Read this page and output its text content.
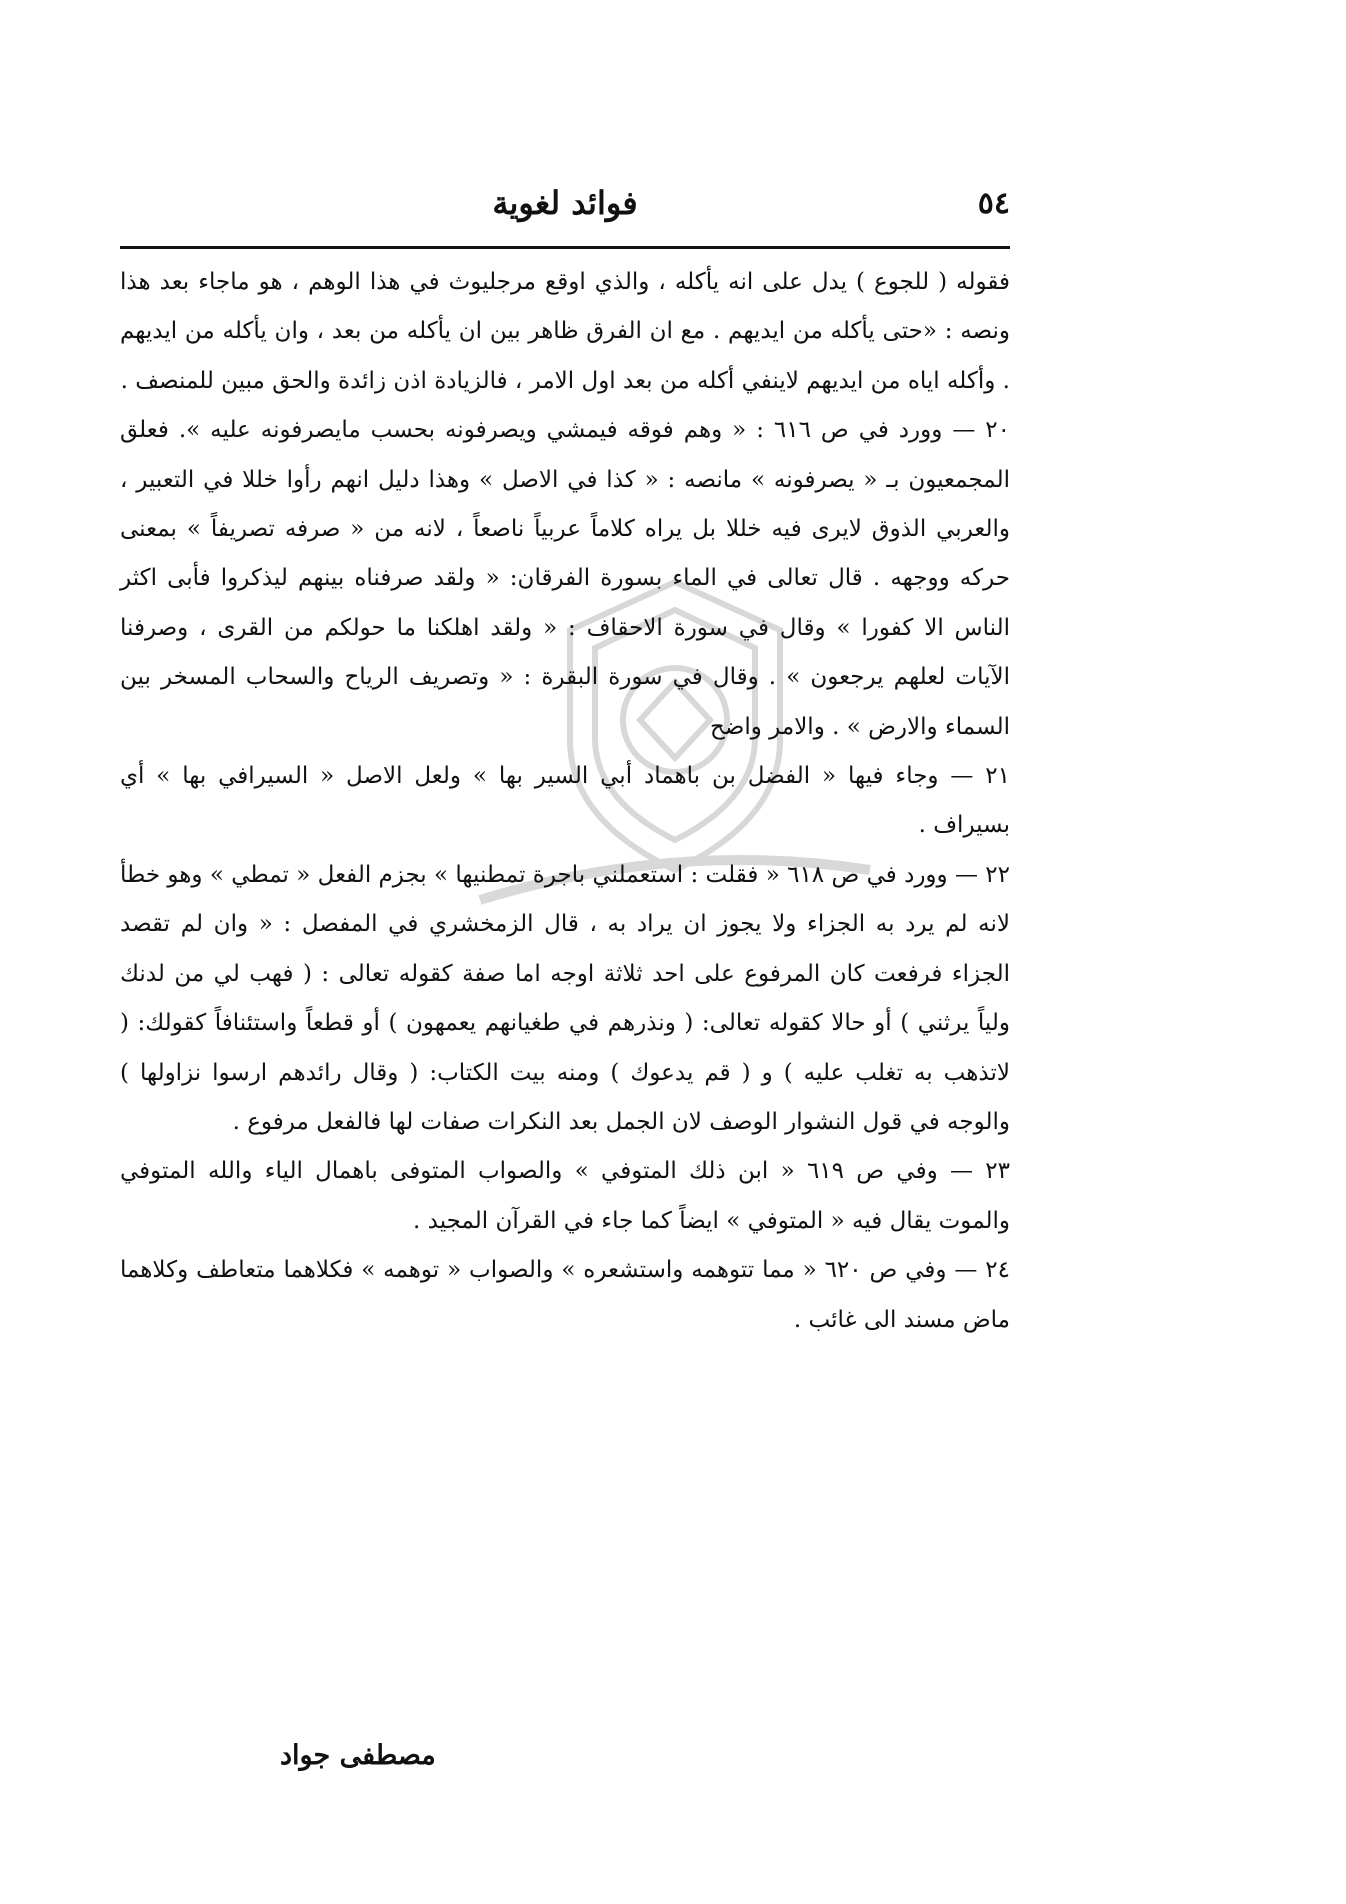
٥٤
فوائد لغوية

فقوله ( للجوع ) يدل على انه يأكله ، والذي اوقع مرجليوث في هذا الوهم ، هو ماجاء بعد هذا ونصه : «حتى يأكله من ايديهم . مع ان الفرق ظاهر بين ان يأكله من بعد ، وان يأكله من ايديهم . وأكله اياه من ايديهم لاينفي أكله من بعد اول الامر ، فالزيادة اذن زائدة والحق مبين للمنصف .

٢٠ — وورد في ص ٦١٦ : « وهم فوقه فيمشي ويصرفونه بحسب مايصرفونه عليه ». فعلق المجمعيون بـ « يصرفونه » مانصه : « كذا في الاصل » وهذا دليل انهم رأوا خللا في التعبير ، والعربي الذوق لايرى فيه خللا بل يراه كلاماً عربياً ناصعاً ، لانه من « صرفه تصريفاً » بمعنى حركه ووجهه . قال تعالى في الماء بسورة الفرقان: « ولقد صرفناه بينهم ليذكروا فأبى اكثر الناس الا كفورا » وقال في سورة الاحقاف : « ولقد اهلكنا ما حولكم من القرى ، وصرفنا الآيات لعلهم يرجعون » . وقال في سورة البقرة : « وتصريف الرياح والسحاب المسخر بين السماء والارض » . والامر واضح

٢١ — وجاء فيها « الفضل بن باهماد أبي السير بها » ولعل الاصل « السيرافي بها » أي بسيراف .

٢٢ — وورد في ص ٦١٨ « فقلت : استعملني باجرة تمطنيها » بجزم الفعل « تمطي » وهو خطأ لانه لم يرد به الجزاء ولا يجوز ان يراد به ، قال الزمخشري في المفصل : « وان لم تقصد الجزاء فرفعت كان المرفوع على احد ثلاثة اوجه اما صفة كقوله تعالى : ( فهب لي من لدنك ولياً يرثني ) أو حالا كقوله تعالى: ( ونذرهم في طغيانهم يعمهون ) أو قطعاً واستئنافاً كقولك: ( لاتذهب به تغلب عليه ) و ( قم يدعوك ) ومنه بيت الكتاب: ( وقال رائدهم ارسوا نزاولها ) والوجه في قول النشوار الوصف لان الجمل بعد النكرات صفات لها فالفعل مرفوع .

٢٣ — وفي ص ٦١٩ « ابن ذلك المتوفي » والصواب المتوفى باهمال الياء والله المتوفي والموت يقال فيه « المتوفي » ايضاً كما جاء في القرآن المجيد .

٢٤ — وفي ص ٦٢٠ « مما تتوهمه واستشعره » والصواب « توهمه » فكلاهما متعاطف وكلاهما ماض مسند الى غائب .

مصطفى جواد
